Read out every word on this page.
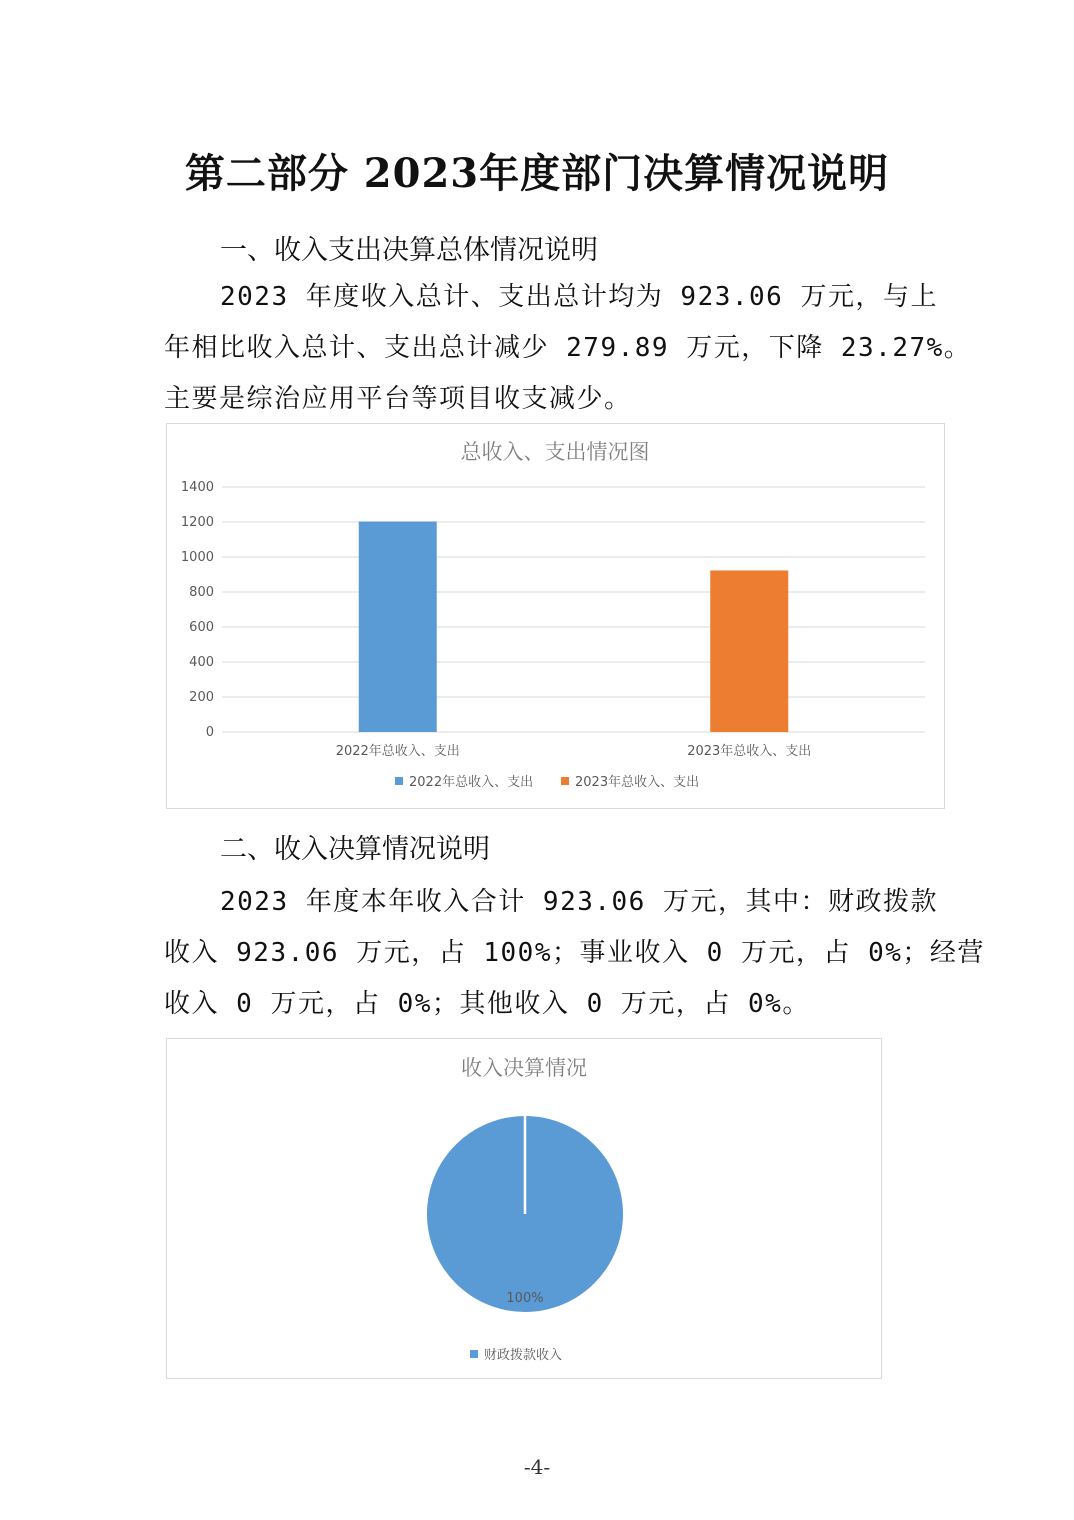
第二部分 2023年度部门决算情况说明
一、收入支出决算总体情况说明
2023 年度收入总计、支出总计均为 923.06 万元，与上
年相比收入总计、支出总计减少 279.89 万元，下降 23.27%。
主要是综治应用平台等项目收支减少。
总收入、支出情况图
0
200
400
600
800
1000
1200
1400
2022年总收入、支出	2023年总收入、支出
2022年总收入、支出	2023年总收入、支出
二、收入决算情况说明
2023 年度本年收入合计 923.06 万元，其中：财政拨款
收入 923.06 万元，占 100%；事业收入 0 万元，占 0%；经营
收入 0 万元，占 0%；其他收入 0 万元，占 0%。
收入决算情况
100%
财政拨款收入
-4-
